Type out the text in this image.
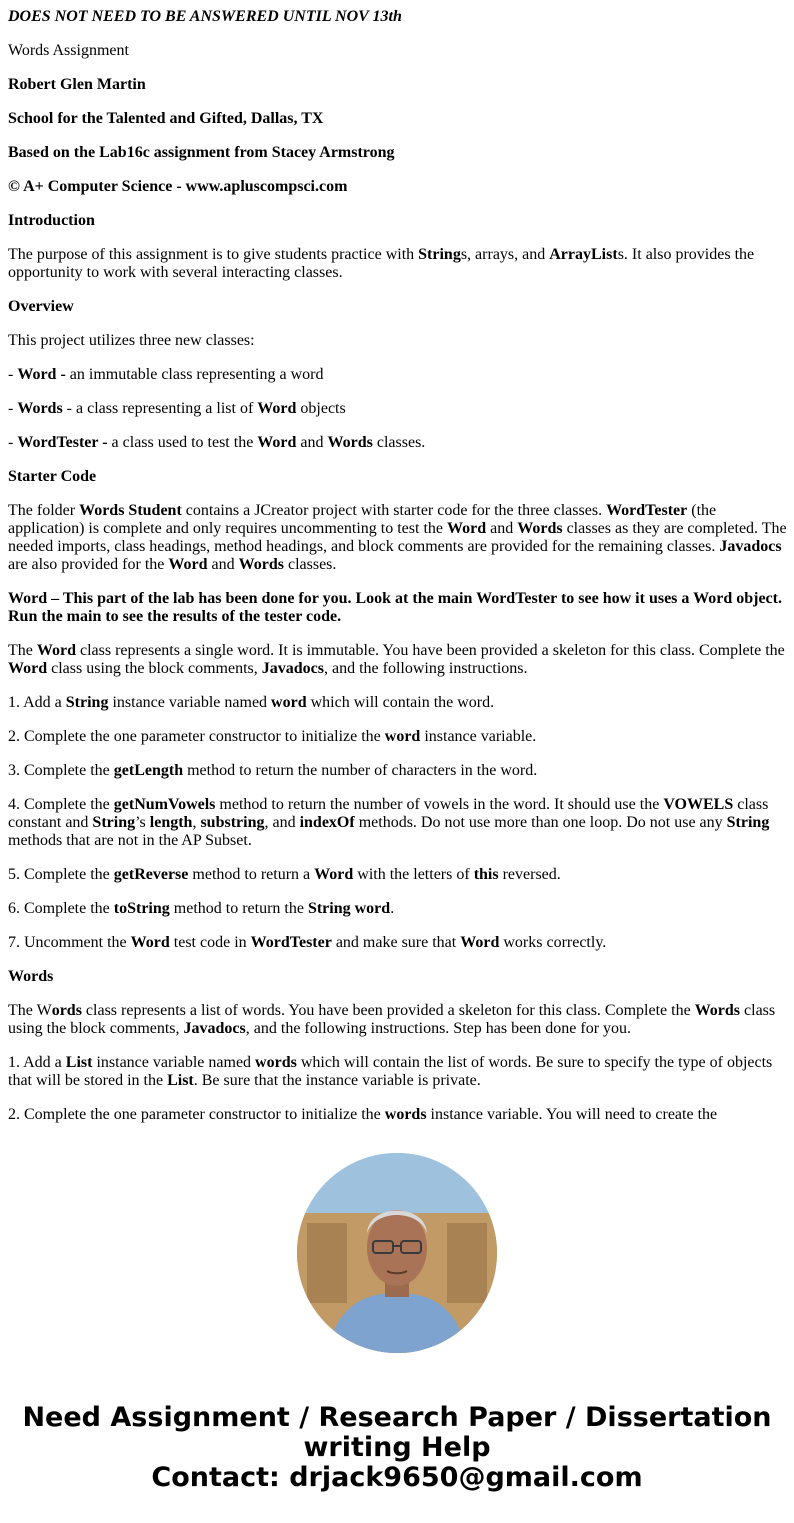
DOES NOT NEED TO BE ANSWERED UNTIL NOV 13th

Words Assignment

Robert Glen Martin

School for the Talented and Gifted, Dallas, TX

Based on the Lab16c assignment from Stacey Armstrong

© A+ Computer Science - www.apluscompsci.com

Introduction

The purpose of this assignment is to give students practice with Strings, arrays, and ArrayLists. It also provides the opportunity to work with several interacting classes.

Overview

This project utilizes three new classes:

- Word - an immutable class representing a word

- Words - a class representing a list of Word objects

- WordTester - a class used to test the Word and Words classes.

Starter Code

The folder Words Student contains a JCreator project with starter code for the three classes. WordTester (the application) is complete and only requires uncommenting to test the Word and Words classes as they are completed. The needed imports, class headings, method headings, and block comments are provided for the remaining classes. Javadocs are also provided for the Word and Words classes.

Word – This part of the lab has been done for you. Look at the main WordTester to see how it uses a Word object. Run the main to see the results of the tester code.

The Word class represents a single word. It is immutable. You have been provided a skeleton for this class. Complete the Word class using the block comments, Javadocs, and the following instructions.

1. Add a String instance variable named word which will contain the word.

2. Complete the one parameter constructor to initialize the word instance variable.

3. Complete the getLength method to return the number of characters in the word.

4. Complete the getNumVowels method to return the number of vowels in the word. It should use the VOWELS class constant and String’s length, substring, and indexOf methods. Do not use more than one loop. Do not use any String methods that are not in the AP Subset.

5. Complete the getReverse method to return a Word with the letters of this reversed.

6. Complete the toString method to return the String word.

7. Uncomment the Word test code in WordTester and make sure that Word works correctly.

Words

The Words class represents a list of words. You have been provided a skeleton for this class. Complete the Words class using the block comments, Javadocs, and the following instructions. Step has been done for you.

1. Add a List instance variable named words which will contain the list of words. Be sure to specify the type of objects that will be stored in the List. Be sure that the instance variable is private.

2. Complete the one parameter constructor to initialize the words instance variable. You will need to create the

Need Assignment / Research Paper / Dissertation writing Help
Contact: drjack9650@gmail.com
